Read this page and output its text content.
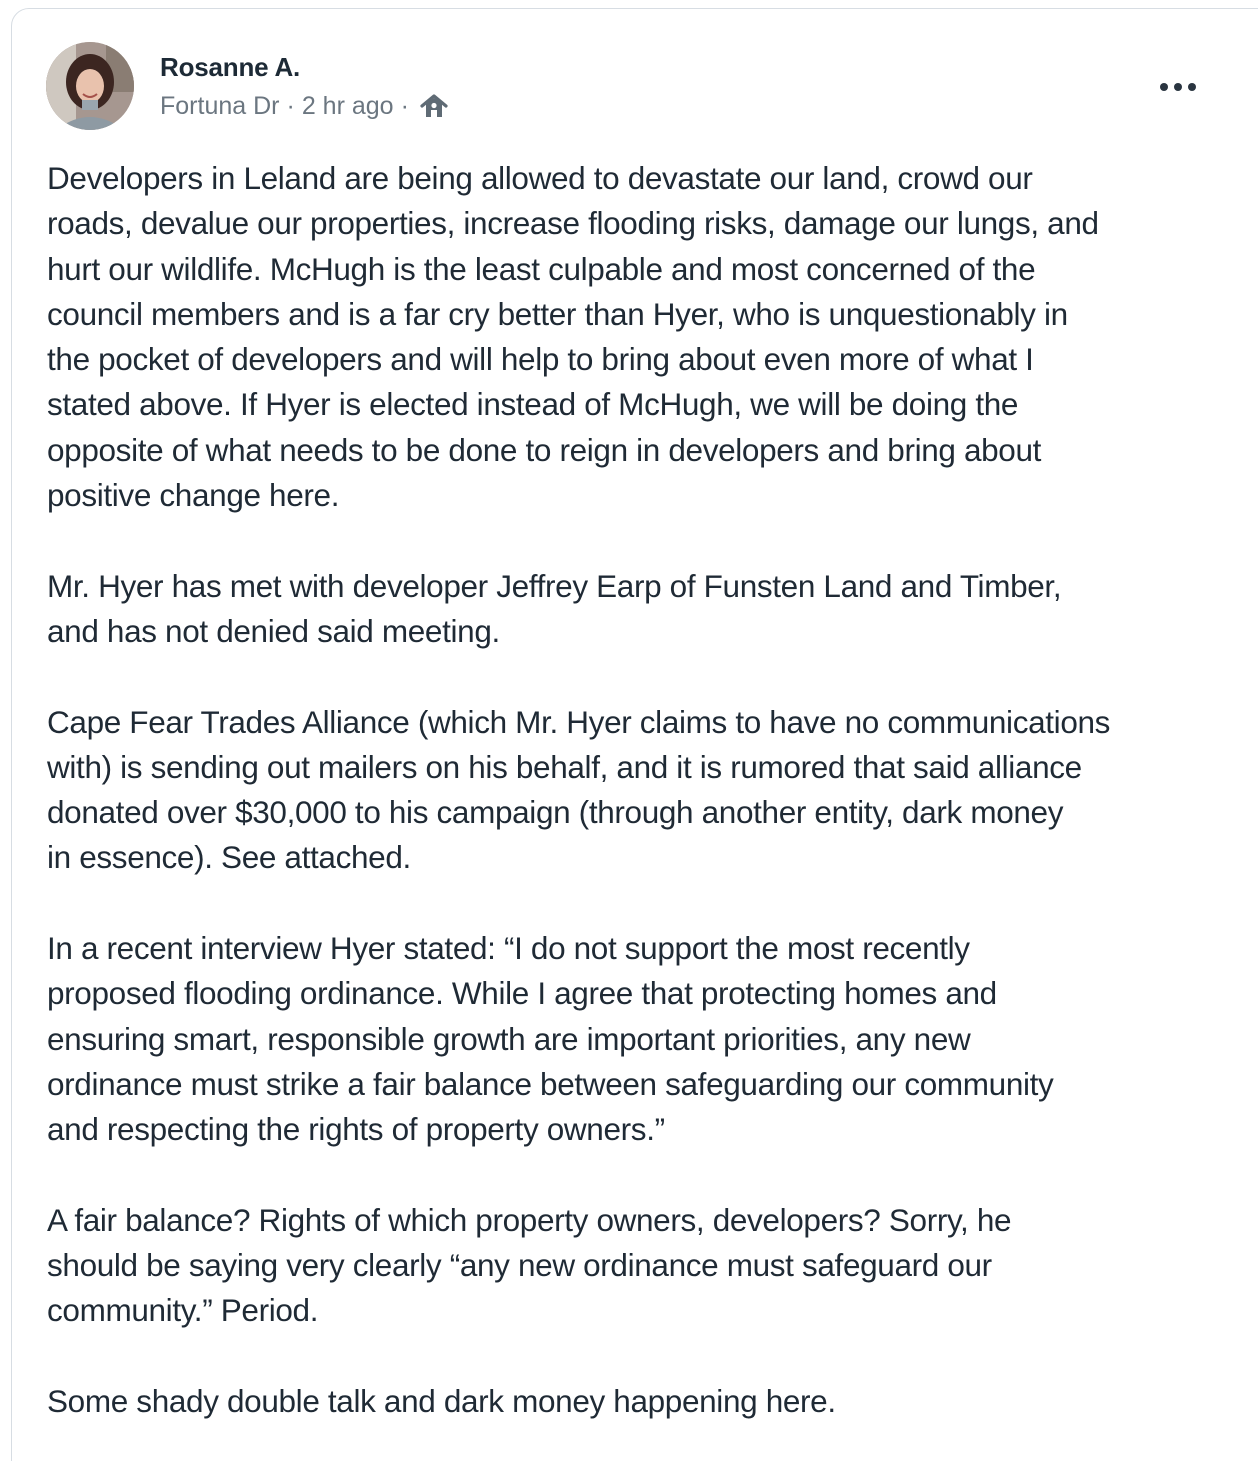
Rosanne A.
Fortuna Dr · 2 hr ago ·

Developers in Leland are being allowed to devastate our land, crowd our
roads, devalue our properties, increase flooding risks, damage our lungs, and
hurt our wildlife. McHugh is the least culpable and most concerned of the
council members and is a far cry better than Hyer, who is unquestionably in
the pocket of developers and will help to bring about even more of what I
stated above. If Hyer is elected instead of McHugh, we will be doing the
opposite of what needs to be done to reign in developers and bring about
positive change here.

Mr. Hyer has met with developer Jeffrey Earp of Funsten Land and Timber,
and has not denied said meeting.

Cape Fear Trades Alliance (which Mr. Hyer claims to have no communications
with) is sending out mailers on his behalf, and it is rumored that said alliance
donated over $30,000 to his campaign (through another entity, dark money
in essence). See attached.

In a recent interview Hyer stated: “I do not support the most recently
proposed flooding ordinance. While I agree that protecting homes and
ensuring smart, responsible growth are important priorities, any new
ordinance must strike a fair balance between safeguarding our community
and respecting the rights of property owners.”

A fair balance? Rights of which property owners, developers? Sorry, he
should be saying very clearly “any new ordinance must safeguard our
community.” Period.

Some shady double talk and dark money happening here.
